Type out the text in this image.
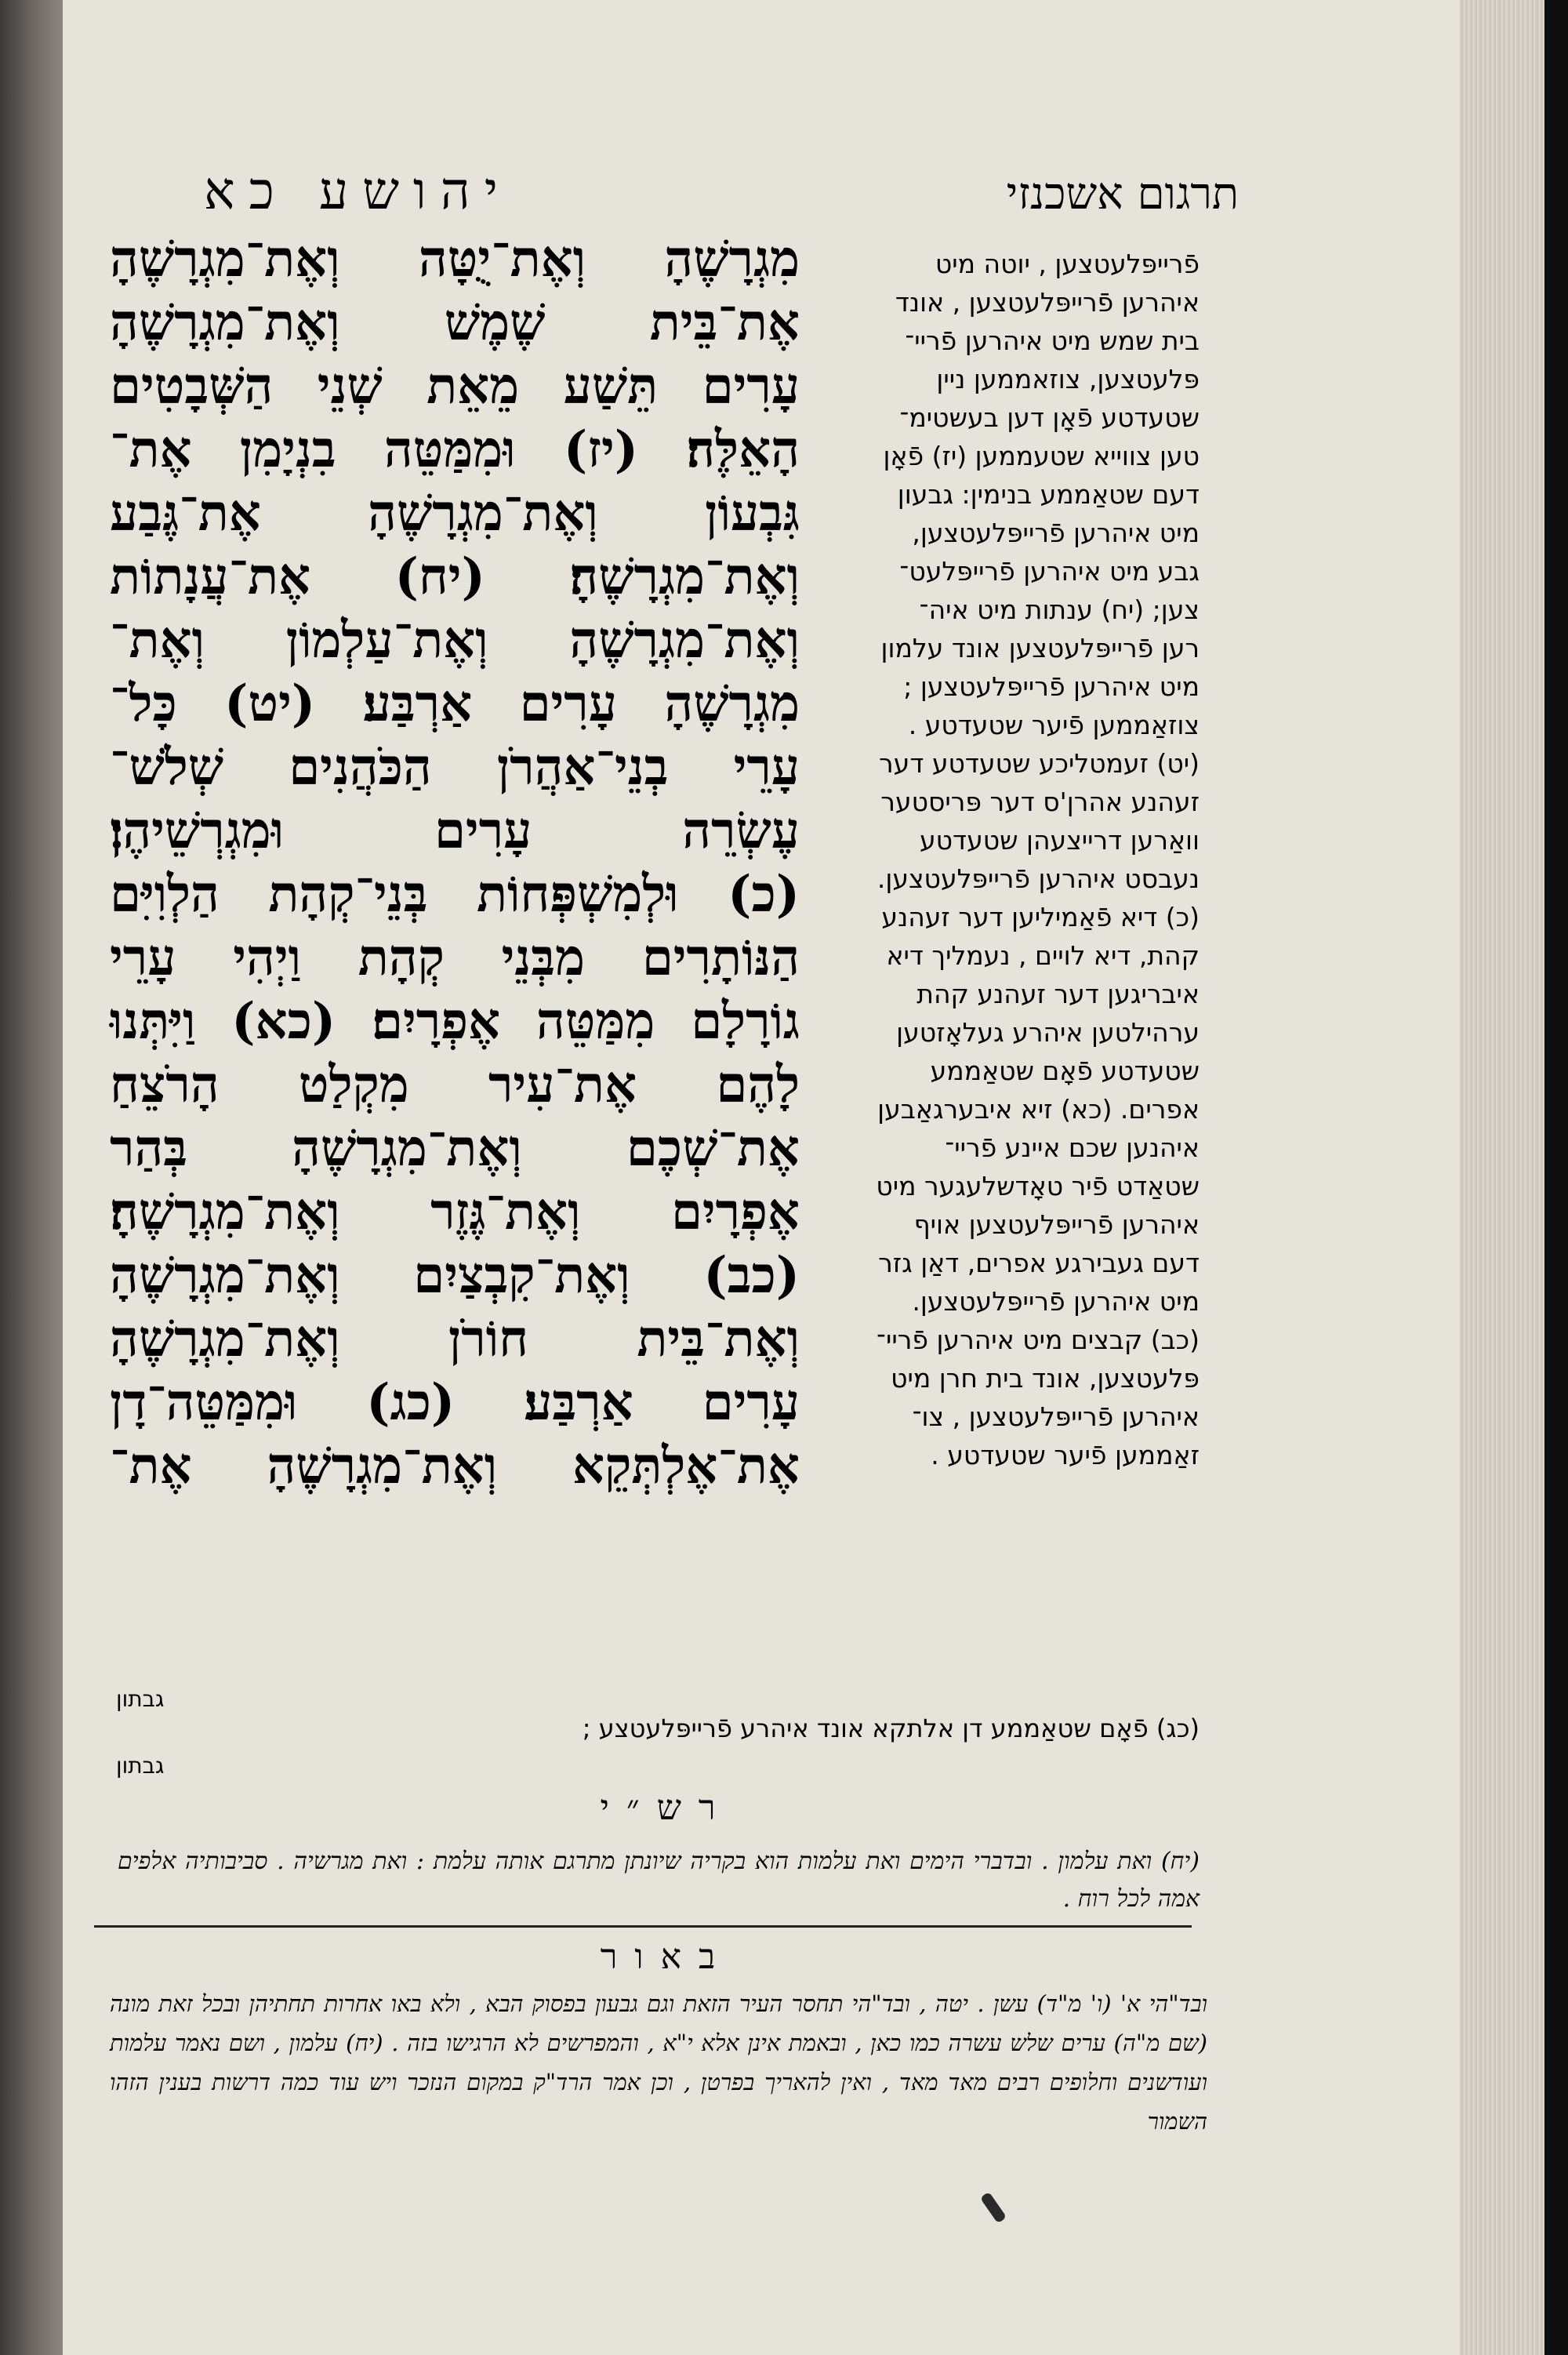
תרגום אשכנזי
יהושע כא
מִגְרָשֶׁהָ וְאֶת־יֻטָּה וְאֶת־מִגְרָשֶׁהָ
אֶת־בֵּית שֶׁמֶשׁ וְאֶת־מִגְרָשֶׁהָ
עָרִים תֵּשַׁע מֵאֵת שְׁנֵי הַשְּׁבָטִים
הָאֵלֶּה׃ (יז) וּמִמַּטֵּה בִנְיָמִן אֶת־
גִּבְעוֹן וְאֶת־מִגְרָשֶׁהָ אֶת־גֶּבַע
וְאֶת־מִגְרָשֶׁהָ׃ (יח) אֶת־עֲנָתוֹת
וְאֶת־מִגְרָשֶׁהָ וְאֶת־עַלְמוֹן וְאֶת־
מִגְרָשֶׁהָ עָרִים אַרְבַּע׃ (יט) כָּל־
עָרֵי בְנֵי־אַהֲרֹן הַכֹּהֲנִים שְׁלֹשׁ־
עֶשְׂרֵה עָרִים וּמִגְרְשֵׁיהֶן׃
(כ) וּלְמִשְׁפְּחוֹת בְּנֵי־קְהָת הַלְוִיִּם
הַנּוֹתָרִים מִבְּנֵי קְהָת וַיְהִי עָרֵי
גוֹרָלָם מִמַּטֵּה אֶפְרָיִם׃ (כא) וַיִּתְּנוּ
לָהֶם אֶת־עִיר מִקְלַט הָרֹצֵחַ
אֶת־שְׁכֶם וְאֶת־מִגְרָשֶׁהָ בְּהַר
אֶפְרָיִם וְאֶת־גֶּזֶר וְאֶת־מִגְרָשֶׁהָ׃
(כב) וְאֶת־קִבְצַיִם וְאֶת־מִגְרָשֶׁהָ
וְאֶת־בֵּית חוֹרֹן וְאֶת־מִגְרָשֶׁהָ
עָרִים אַרְבַּע׃ (כג) וּמִמַּטֵּה־דָן
אֶת־אֶלְתְּקֵא וְאֶת־מִגְרָשֶׁהָ אֶת־
פֿרייפּלעטצען , יוטה מיט
איהרען פֿרייפּלעטצען , אונד
בית שמש מיט איהרען פֿריי־
פּלעטצען, צוזאממען ניין
שטעדטע פֿאָן דען בעשטימ־
טען צווייא שטעממען (יז) פֿאָן
דעם שטאַממע בנימין: גבעון
מיט איהרען פֿרייפּלעטצען,
גבע מיט איהרען פֿרייפּלעט־
צען; (יח) ענתות מיט איה־
רען פֿרייפּלעטצען אונד עלמון
מיט איהרען פֿרייפּלעטצען ;
צוזאַממען פֿיער שטעדטע .
(יט) זעמטליכע שטעדטע דער
זעהנע אהרן'ס דער פּריסטער
וואַרען דרייצעהן שטעדטע
נעבסט איהרען פֿרייפּלעטצען.
(כ) דיא פֿאַמיליען דער זעהנע
קהת, דיא לויים , נעמליך דיא
איבריגען דער זעהנע קהת
ערהילטען איהרע געלאָזטען
שטעדטע פֿאָם שטאַממע
אפרים. (כא) זיא איבערגאַבען
איהנען שכם איינע פֿריי־
שטאַדט פֿיר טאָדשלעגער מיט
איהרען פֿרייפּלעטצען אויף
דעם געבירגע אפרים, דאַן גזר
מיט איהרען פֿרייפּלעטצען.
(כב) קבצים מיט איהרען פֿריי־
פּלעטצען, אונד בית חרן מיט
איהרען פֿרייפּלעטצען , צו־
זאַממען פֿיער שטעדטע .
גבתון
(כג) פֿאָם שטאַממע דן אלתקא אונד איהרע פֿרייפּלעטצע ;
גבתון
רש״י
(יח) ואת עלמון . ובדברי הימים ואת עלמות הוא בקריה שיונתן מתרגם אותה עלמת : ואת מגרשיה . סביבותיה אלפים אמה לכל רוח .
באור
ובד"הי א' (ו' מ"ד) עשן . יטה , ובד"הי תחסר העיר הזאת וגם גבעון בפסוק הבא , ולא באו אחרות תחתיהן ובכל זאת מונה (שם מ"ה) ערים שלש עשרה כמו כאן , ובאמת אינן אלא י"א , והמפרשים לא הרגישו בזה . (יח) עלמון , ושם נאמר עלמות ועודשנים וחלופים רבים מאד מאד , ואין להאריך בפרטן , וכן אמר הרד"ק במקום הנזכר ויש עוד כמה דרשות בענין הזהו השמור
